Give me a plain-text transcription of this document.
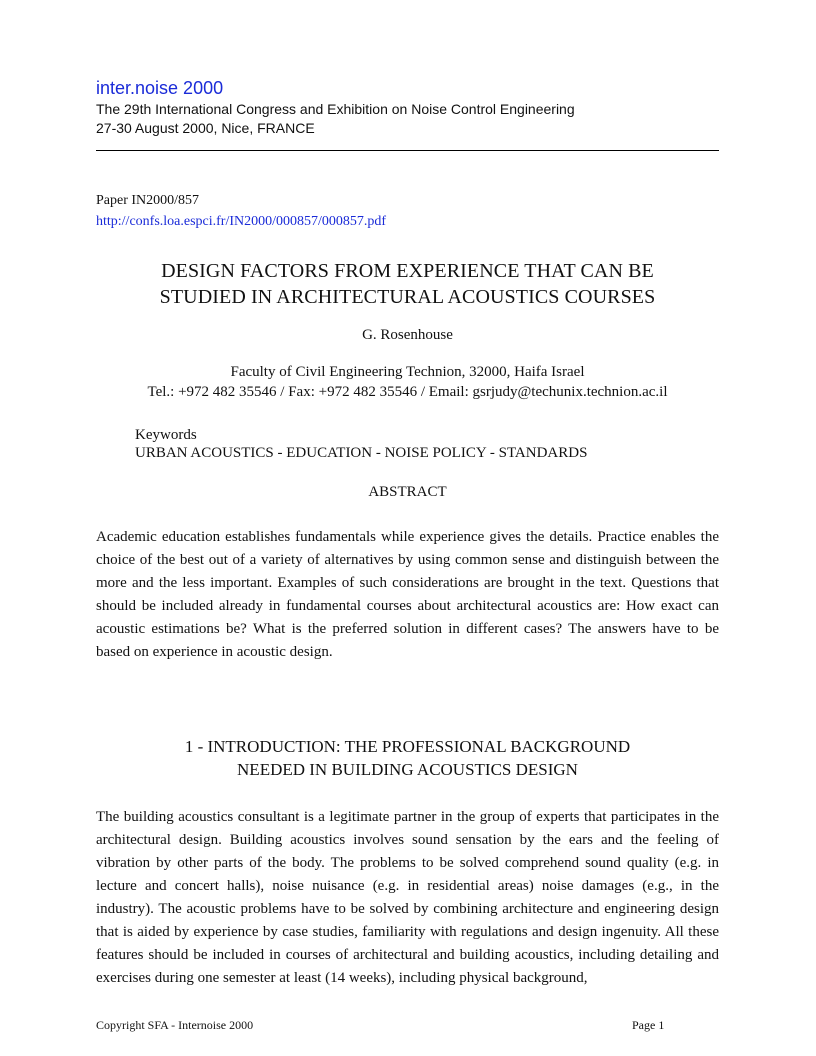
inter.noise 2000
The 29th International Congress and Exhibition on Noise Control Engineering
27-30 August 2000, Nice, FRANCE
Paper IN2000/857
http://confs.loa.espci.fr/IN2000/000857/000857.pdf
DESIGN FACTORS FROM EXPERIENCE THAT CAN BE
STUDIED IN ARCHITECTURAL ACOUSTICS COURSES
G. Rosenhouse
Faculty of Civil Engineering Technion, 32000, Haifa Israel
Tel.: +972 482 35546 / Fax: +972 482 35546 / Email: gsrjudy@techunix.technion.ac.il
Keywords
URBAN ACOUSTICS - EDUCATION - NOISE POLICY - STANDARDS
ABSTRACT
Academic education establishes fundamentals while experience gives the details. Practice enables the choice of the best out of a variety of alternatives by using common sense and distinguish between the more and the less important. Examples of such considerations are brought in the text. Questions that should be included already in fundamental courses about architectural acoustics are: How exact can acoustic estimations be? What is the preferred solution in different cases? The answers have to be based on experience in acoustic design.
1 - INTRODUCTION: THE PROFESSIONAL BACKGROUND
NEEDED IN BUILDING ACOUSTICS DESIGN
The building acoustics consultant is a legitimate partner in the group of experts that participates in the architectural design. Building acoustics involves sound sensation by the ears and the feeling of vibration by other parts of the body. The problems to be solved comprehend sound quality (e.g. in lecture and concert halls), noise nuisance (e.g. in residential areas) noise damages (e.g., in the industry). The acoustic problems have to be solved by combining architecture and engineering design that is aided by experience by case studies, familiarity with regulations and design ingenuity. All these features should be included in courses of architectural and building acoustics, including detailing and exercises during one semester at least (14 weeks), including physical background,
Copyright SFA - Internoise 2000	Page 1
